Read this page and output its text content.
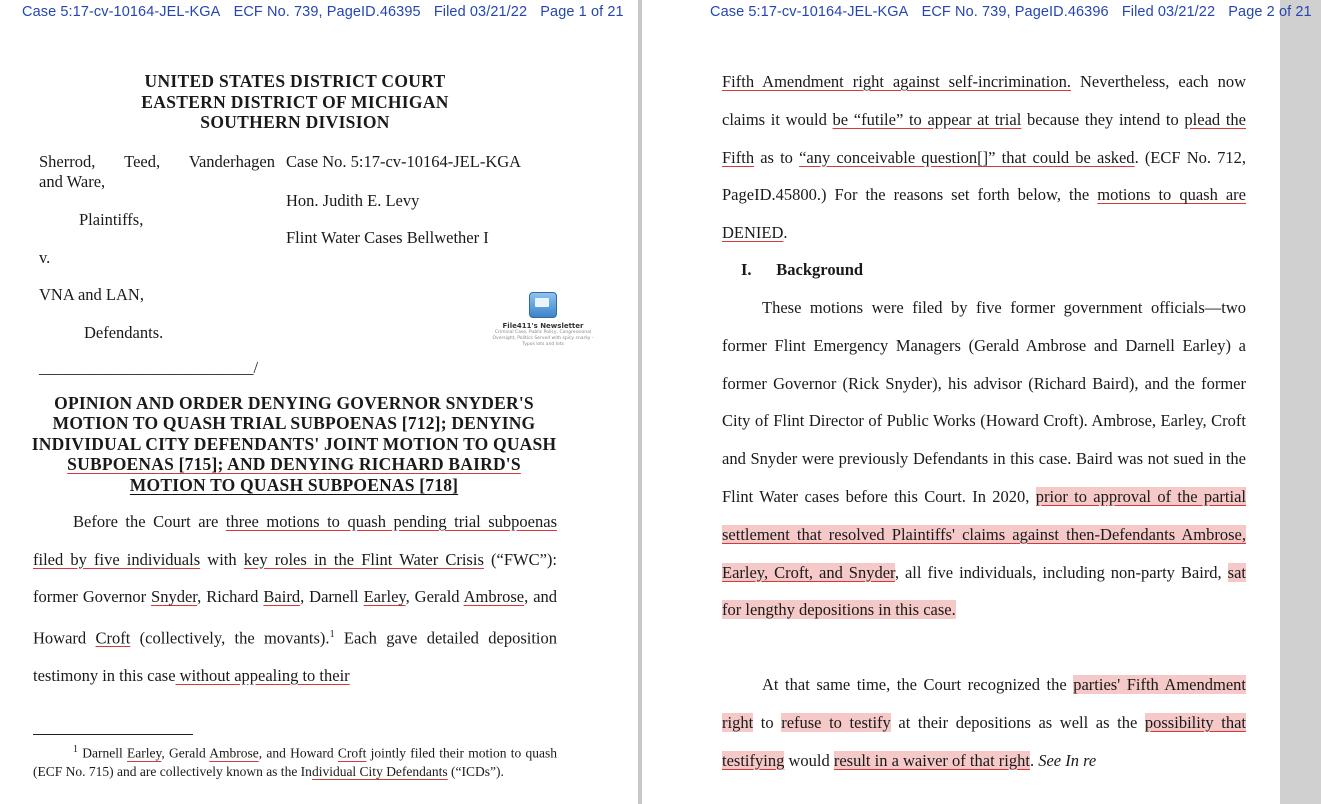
Case 5:17-cv-10164-JEL-KGA ECF No. 739, PageID.46395 Filed 03/21/22 Page 1 of 21
UNITED STATES DISTRICT COURT
EASTERN DISTRICT OF MICHIGAN
SOUTHERN DIVISION
Sherrod, Teed, Vanderhagen
and Ware,
Plaintiffs,
v.
VNA and LAN,
Defendants.
__________________________/
Case No. 5:17-cv-10164-JEL-KGA
Hon. Judith E. Levy
Flint Water Cases Bellwether I
File411's Newsletter
Criminal Case, Public Policy, Congressional Oversight, Politics Served with spicy snarky - Typos lots and lots
OPINION AND ORDER DENYING GOVERNOR SNYDER'S
MOTION TO QUASH TRIAL SUBPOENAS [712]; DENYING
INDIVIDUAL CITY DEFENDANTS' JOINT MOTION TO QUASH
SUBPOENAS [715]; AND DENYING RICHARD BAIRD'S
MOTION TO QUASH SUBPOENAS [718]
Before the Court are three motions to quash pending trial subpoenas filed by five individuals with key roles in the Flint Water Crisis (“FWC”): former Governor Snyder, Richard Baird, Darnell Earley, Gerald Ambrose, and Howard Croft (collectively, the movants).$^1$ Each gave detailed deposition testimony in this case without appealing to their
$^1$ Darnell Earley, Gerald Ambrose, and Howard Croft jointly filed their motion to quash (ECF No. 715) and are collectively known as the Individual City Defendants (“ICDs”).
Case 5:17-cv-10164-JEL-KGA ECF No. 739, PageID.46396 Filed 03/21/22 Page 2 of 21
Fifth Amendment right against self-incrimination. Nevertheless, each now claims it would be “futile” to appear at trial because they intend to plead the Fifth as to “any conceivable question[]” that could be asked. (ECF No. 712, PageID.45800.) For the reasons set forth below, the motions to quash are DENIED.
I.      Background
These motions were filed by five former government officials—two former Flint Emergency Managers (Gerald Ambrose and Darnell Earley) a former Governor (Rick Snyder), his advisor (Richard Baird), and the former City of Flint Director of Public Works (Howard Croft). Ambrose, Earley, Croft and Snyder were previously Defendants in this case. Baird was not sued in the Flint Water cases before this Court. In 2020, prior to approval of the partial settlement that resolved Plaintiffs' claims against then-Defendants Ambrose, Earley, Croft, and Snyder, all five individuals, including non-party Baird, sat for lengthy depositions in this case.
At that same time, the Court recognized the parties' Fifth Amendment right to refuse to testify at their depositions as well as the possibility that testifying would result in a waiver of that right. See In re
